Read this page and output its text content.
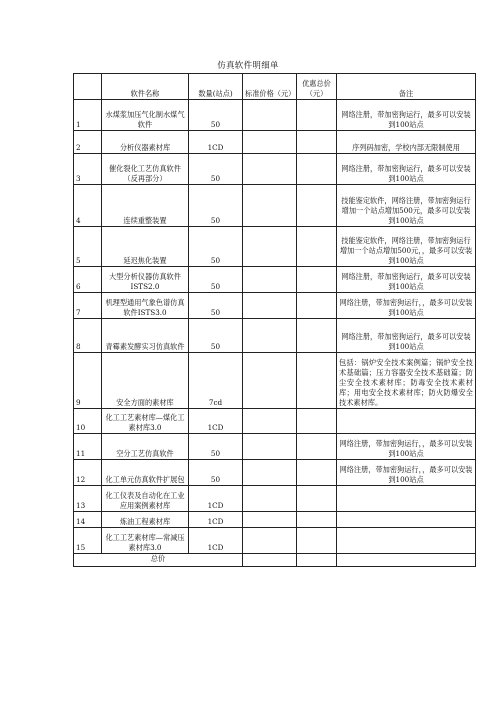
仿真软件明细单
	软件名称	数量(站点)	标准价格（元）	优惠总价（元）	备注
1	水煤浆加压气化制水煤气软件	50			网络注册，带加密狗运行，最多可以安装到100站点
2	分析仪器素材库	1CD			序列码加密，学校内部无限制使用
3	催化裂化工艺仿真软件（反再部分）	50			网络注册，带加密狗运行，最多可以安装到100站点
4	连续重整装置	50			技能鉴定软件，网络注册，带加密狗运行增加一个站点增加500元，最多可以安装到100站点
5	延迟焦化装置	50			技能鉴定软件，网络注册，带加密狗运行增加一个站点增加500元，，最多可以安装到100站点
6	大型分析仪器仿真软件ISTS2.0	50			网络注册，带加密狗运行，最多可以安装到100站点
7	机理型通用气象色谱仿真软件ISTS3.0	50			网络注册，带加密狗运行，，最多可以安装到100站点
8	青霉素发酵实习仿真软件	50			网络注册，带加密狗运行，最多可以安装到100站点
9	安全方面的素材库	7cd			包括：锅炉安全技术案例篇；锅炉安全技术基础篇；压力容器安全技术基础篇；防尘安全技术素材库；防毒安全技术素材库；用电安全技术素材库；防火防爆安全技术素材库。
10	化工工艺素材库—煤化工素材库3.0	1CD			
11	空分工艺仿真软件	50			网络注册，带加密狗运行，，最多可以安装到100站点
12	化工单元仿真软件扩展包	50			网络注册，带加密狗运行，，最多可以安装到100站点
13	化工仪表及自动化在工业应用案例素材库	1CD			
14	炼油工程素材库	1CD			
15	化工工艺素材库—常减压素材库3.0	1CD			
总价					
